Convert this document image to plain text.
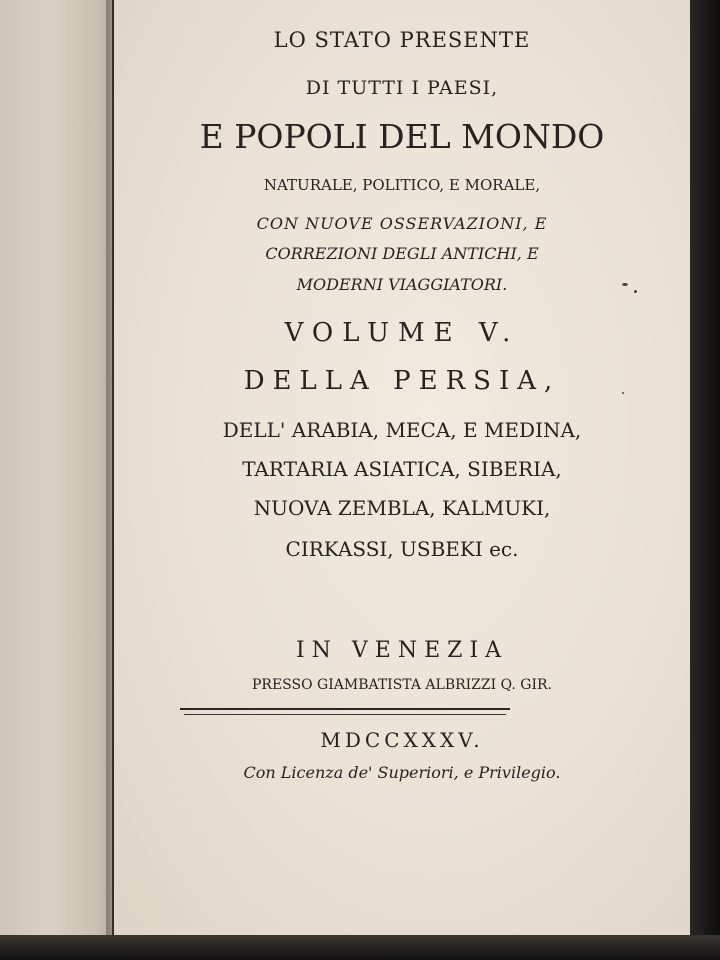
LO STATO PRESENTE
DI TUTTI I PAESI,
E POPOLI DEL MONDO
NATURALE, POLITICO, E MORALE,
CON NUOVE OSSERVAZIONI, E
CORREZIONI DEGLI ANTICHI, E
MODERNI VIAGGIATORI.
VOLUME V.
DELLA PERSIA,
DELL' ARABIA, MECA, E MEDINA,
TARTARIA ASIATICA, SIBERIA,
NUOVA ZEMBLA, KALMUKI,
CIRKASSI, USBEKI ec.
IN VENEZIA
PRESSO GIAMBATISTA ALBRIZZI Q. GIR.
MDCCXXXV.
Con Licenza de' Superiori, e Privilegio.
